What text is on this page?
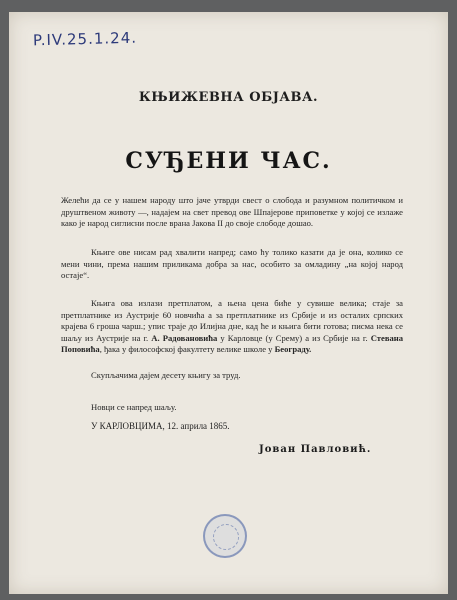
P.IV.25.1.24.
КЊИЖЕВНА ОБЈАВА.
СУЂЕНИ ЧАС.
Желећи да се у нашем народу што јаче утврди свест о слобода и разумном политичком и друштвеном животу —, надајем на свет превод ове Шпајерове приповетке у којој се излаже како је народ сиглисни после врана Јакова II до своје слободе дошао.
Књиге ове нисам рад хвалити напред; само ћу толико казати да је она, колико се мени чини, према нашим приликама добра за нас, особито за омладину „на којој народ остаје“.
Књига ова излази претплатом, а њена цена биће у сувише велика; стаје за претплатнике из Аустрије 60 новчића а за претплатнике из Србије и из осталих српских крајева 6 гроша чарш.; упис траје до Илијна дне, кад ће и књига бити готова; писма нека се шаљу из Аустрије на г. А. Радовановића у Карловце (у Срему) а из Србије на г. Стевана Поповића, ђака у философској факултету велике школе у Београду.
Скупљачима дајем десету књигу за труд.
Новци се напред шаљу.
У КАРЛОВЦИМА, 12. априла 1865.
Јован Павловић.
